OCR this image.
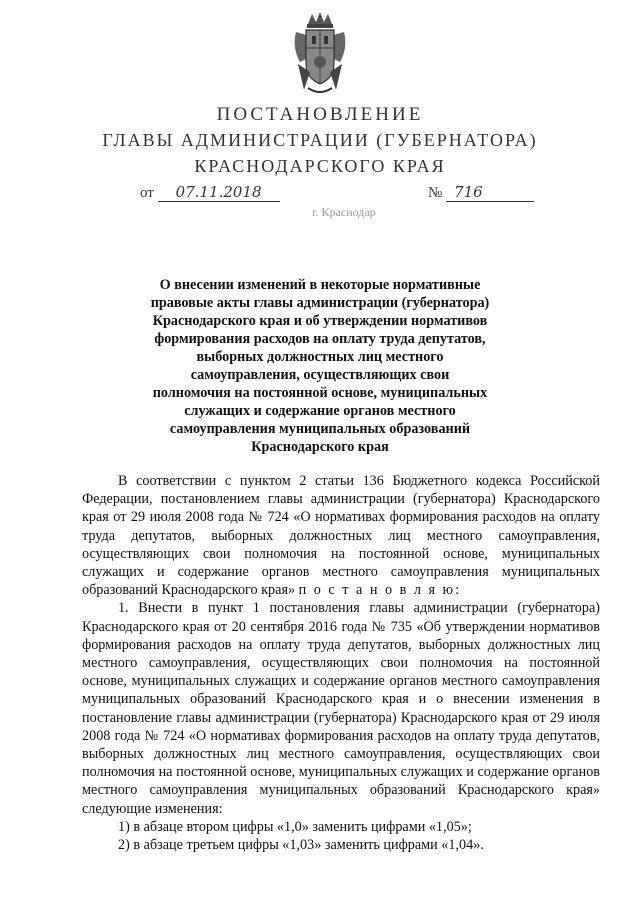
ПОСТАНОВЛЕНИЕ
ГЛАВЫ АДМИНИСТРАЦИИ (ГУБЕРНАТОРА)
КРАСНОДАРСКОГО КРАЯ
от 07.11.2018	№ 716
г. Краснодар
О внесении изменений в некоторые нормативные правовые акты главы администрации (губернатора) Краснодарского края и об утверждении нормативов формирования расходов на оплату труда депутатов, выборных должностных лиц местного самоуправления, осуществляющих свои полномочия на постоянной основе, муниципальных служащих и содержание органов местного самоуправления муниципальных образований Краснодарского края

В соответствии с пунктом 2 статьи 136 Бюджетного кодекса Российской Федерации, постановлением главы администрации (губернатора) Краснодарского края от 29 июля 2008 года № 724 «О нормативах формирования расходов на оплату труда депутатов, выборных должностных лиц местного самоуправления, осуществляющих свои полномочия на постоянной основе, муниципальных служащих и содержание органов местного самоуправления муниципальных образований Краснодарского края» п о с т а н о в л я ю:

1. Внести в пункт 1 постановления главы администрации (губернатора) Краснодарского края от 20 сентября 2016 года № 735 «Об утверждении нормативов формирования расходов на оплату труда депутатов, выборных должностных лиц местного самоуправления, осуществляющих свои полномочия на постоянной основе, муниципальных служащих и содержание органов местного самоуправления муниципальных образований Краснодарского края и о внесении изменения в постановление главы администрации (губернатора) Краснодарского края от 29 июля 2008 года № 724 «О нормативах формирования расходов на оплату труда депутатов, выборных должностных лиц местного самоуправления, осуществляющих свои полномочия на постоянной основе, муниципальных служащих и содержание органов местного самоуправления муниципальных образований Краснодарского края» следующие изменения:

1) в абзаце втором цифры «1,0» заменить цифрами «1,05»;

2) в абзаце третьем цифры «1,03» заменить цифрами «1,04».
